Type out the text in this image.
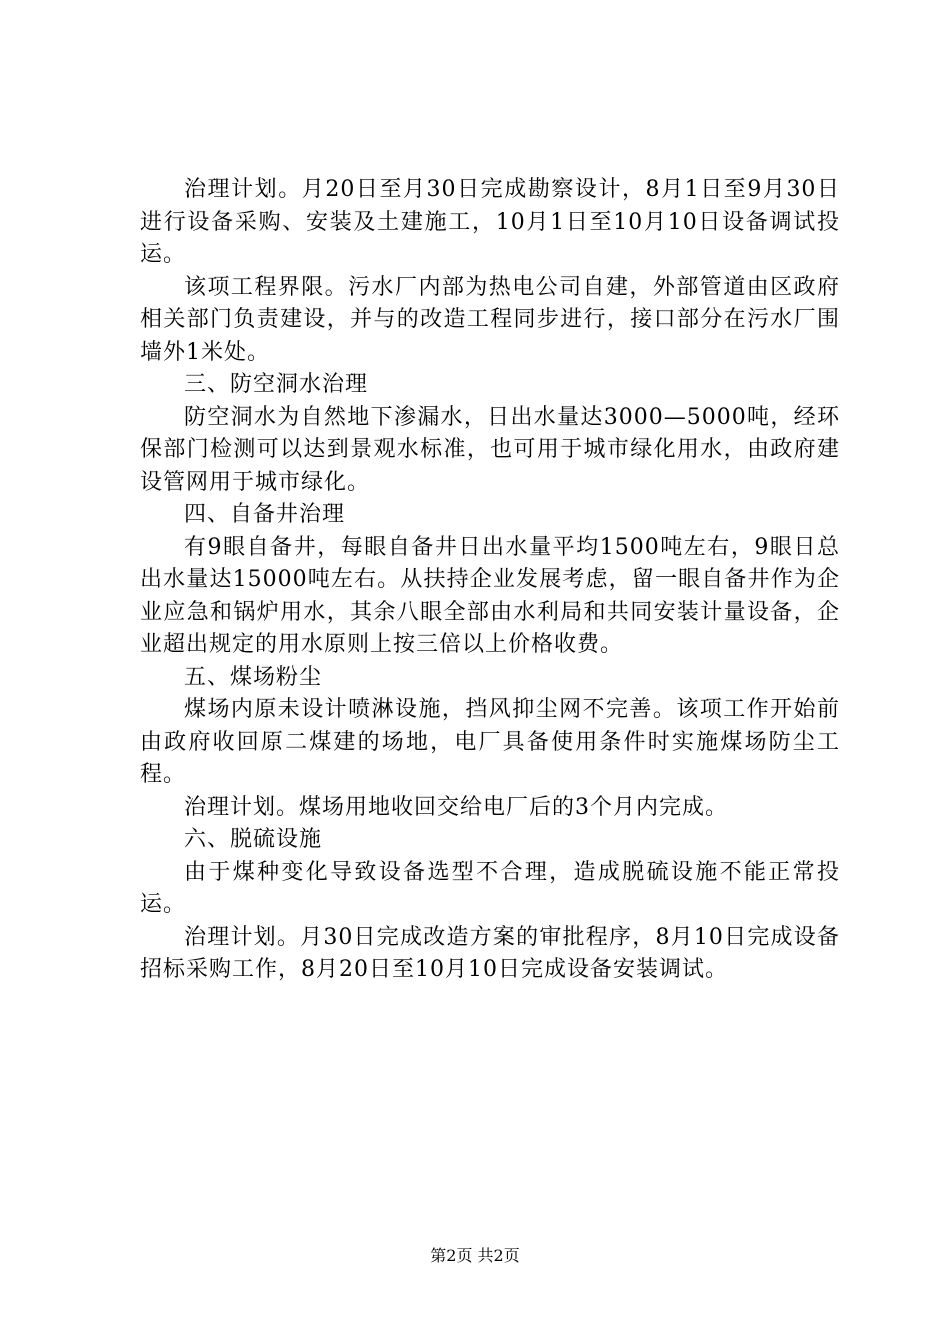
治理计划。月20日至月30日完成勘察设计，8月1日至9月30日进行设备采购、安装及土建施工，10月1日至10月10日设备调试投运。

该项工程界限。污水厂内部为热电公司自建，外部管道由区政府相关部门负责建设，并与的改造工程同步进行，接口部分在污水厂围墙外1米处。

三、防空洞水治理

防空洞水为自然地下渗漏水，日出水量达3000—5000吨，经环保部门检测可以达到景观水标准，也可用于城市绿化用水，由政府建设管网用于城市绿化。

四、自备井治理

有9眼自备井，每眼自备井日出水量平均1500吨左右，9眼日总出水量达15000吨左右。从扶持企业发展考虑，留一眼自备井作为企业应急和锅炉用水，其余八眼全部由水利局和共同安装计量设备，企业超出规定的用水原则上按三倍以上价格收费。

五、煤场粉尘

煤场内原未设计喷淋设施，挡风抑尘网不完善。该项工作开始前由政府收回原二煤建的场地，电厂具备使用条件时实施煤场防尘工程。

治理计划。煤场用地收回交给电厂后的3个月内完成。

六、脱硫设施

由于煤种变化导致设备选型不合理，造成脱硫设施不能正常投运。

治理计划。月30日完成改造方案的审批程序，8月10日完成设备招标采购工作，8月20日至10月10日完成设备安装调试。

第2页 共2页
